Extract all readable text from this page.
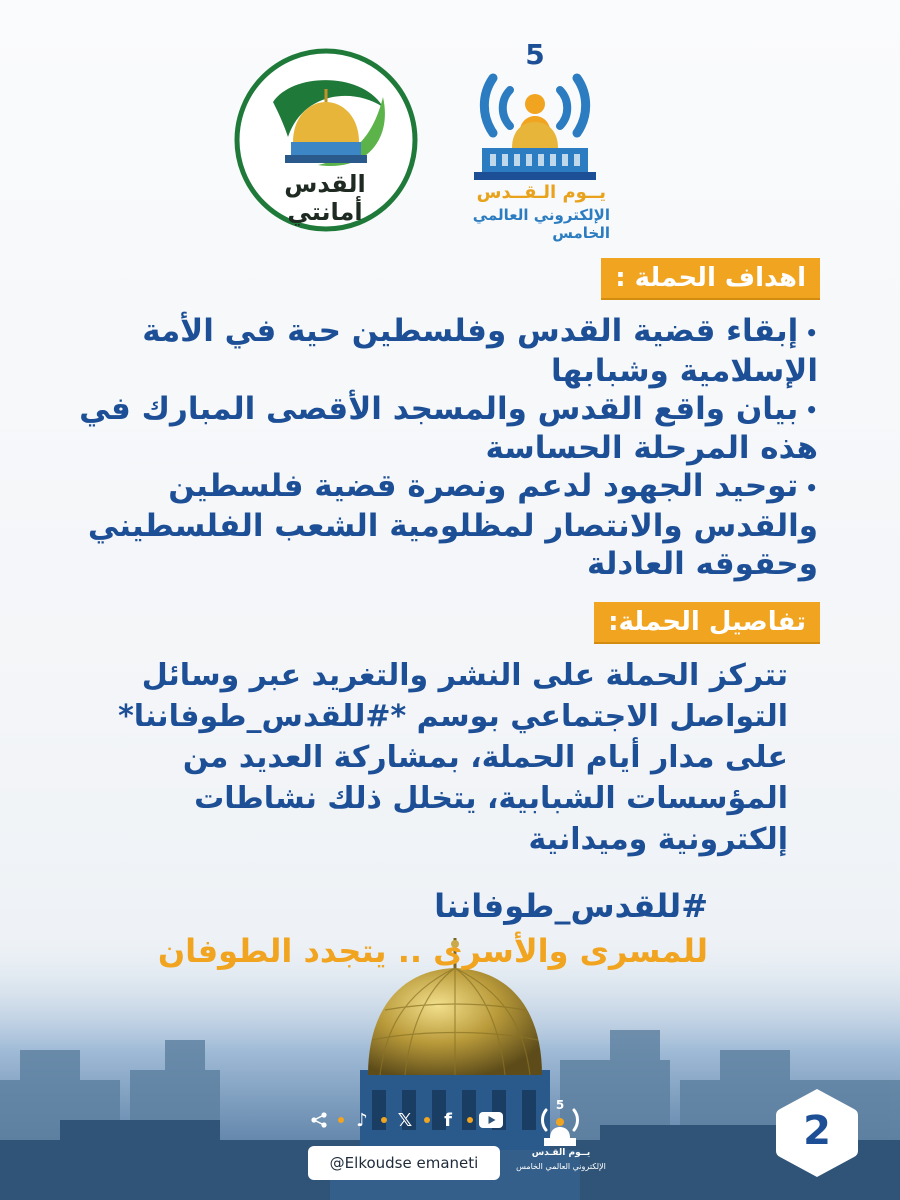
القدس أمانتي
5
يــوم الـقــدس
الإلكتروني العالمي الخامس
اهداف الحملة :
• إبقاء قضية القدس وفلسطين حية في الأمة الإسلامية وشبابها
• بيان واقع القدس والمسجد الأقصى المبارك في هذه المرحلة الحساسة
• توحيد الجهود لدعم ونصرة قضية فلسطين والقدس والانتصار لمظلومية الشعب الفلسطيني وحقوقه العادلة
تفاصيل الحملة:
تتركز الحملة على النشر والتغريد عبر وسائل التواصل الاجتماعي بوسم *#للقدس_طوفاننا* على مدار أيام الحملة، بمشاركة العديد من المؤسسات الشبابية، يتخلل ذلك نشاطات إلكترونية وميدانية
#للقدس_طوفاننا
للمسرى والأسرى .. يتجدد الطوفان
♪	𝕏	f
@Elkoudse emaneti
5
يــوم القـدس
الإلكتروني العالمي الخامس
2
